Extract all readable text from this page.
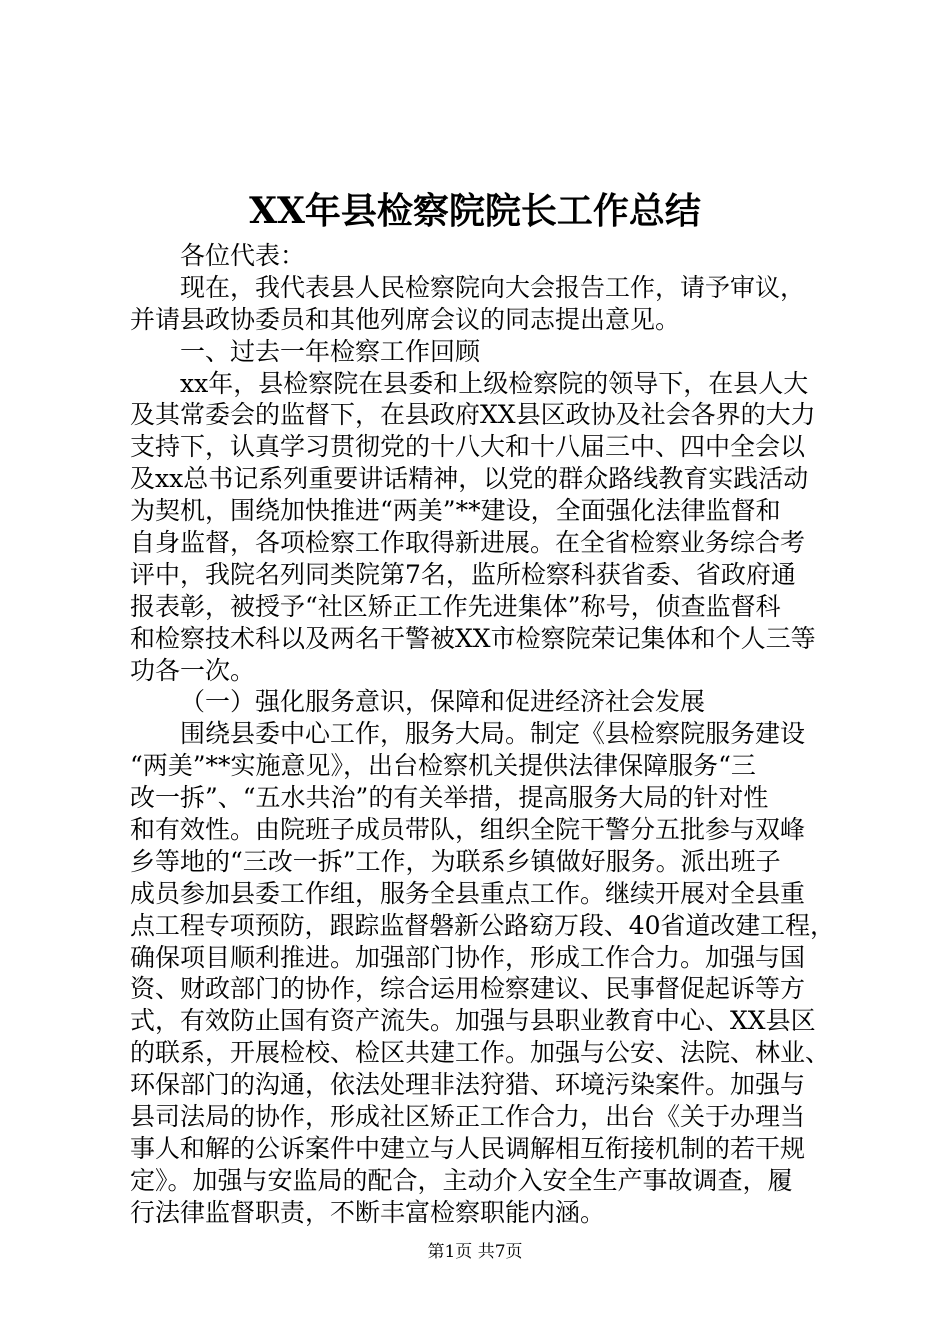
XX年县检察院院长工作总结
各位代表：
现在，我代表县人民检察院向大会报告工作，请予审议，
并请县政协委员和其他列席会议的同志提出意见。
一、过去一年检察工作回顾
xx年，县检察院在县委和上级检察院的领导下，在县人大
及其常委会的监督下，在县政府XX县区政协及社会各界的大力
支持下，认真学习贯彻党的十八大和十八届三中、四中全会以
及xx总书记系列重要讲话精神，以党的群众路线教育实践活动
为契机，围绕加快推进“两美”**建设，全面强化法律监督和
自身监督，各项检察工作取得新进展。在全省检察业务综合考
评中，我院名列同类院第7名，监所检察科获省委、省政府通
报表彰，被授予“社区矫正工作先进集体”称号，侦查监督科
和检察技术科以及两名干警被XX市检察院荣记集体和个人三等
功各一次。
（一）强化服务意识，保障和促进经济社会发展
围绕县委中心工作，服务大局。制定《县检察院服务建设
“两美”**实施意见》，出台检察机关提供法律保障服务“三
改一拆”、“五水共治”的有关举措，提高服务大局的针对性
和有效性。由院班子成员带队，组织全院干警分五批参与双峰
乡等地的“三改一拆”工作，为联系乡镇做好服务。派出班子
成员参加县委工作组，服务全县重点工作。继续开展对全县重
点工程专项预防，跟踪监督磐新公路窈万段、40省道改建工程，
确保项目顺利推进。加强部门协作，形成工作合力。加强与国
资、财政部门的协作，综合运用检察建议、民事督促起诉等方
式，有效防止国有资产流失。加强与县职业教育中心、XX县区
的联系，开展检校、检区共建工作。加强与公安、法院、林业、
环保部门的沟通，依法处理非法狩猎、环境污染案件。加强与
县司法局的协作，形成社区矫正工作合力，出台《关于办理当
事人和解的公诉案件中建立与人民调解相互衔接机制的若干规
定》。加强与安监局的配合，主动介入安全生产事故调查，履
行法律监督职责，不断丰富检察职能内涵。
第1页 共7页
